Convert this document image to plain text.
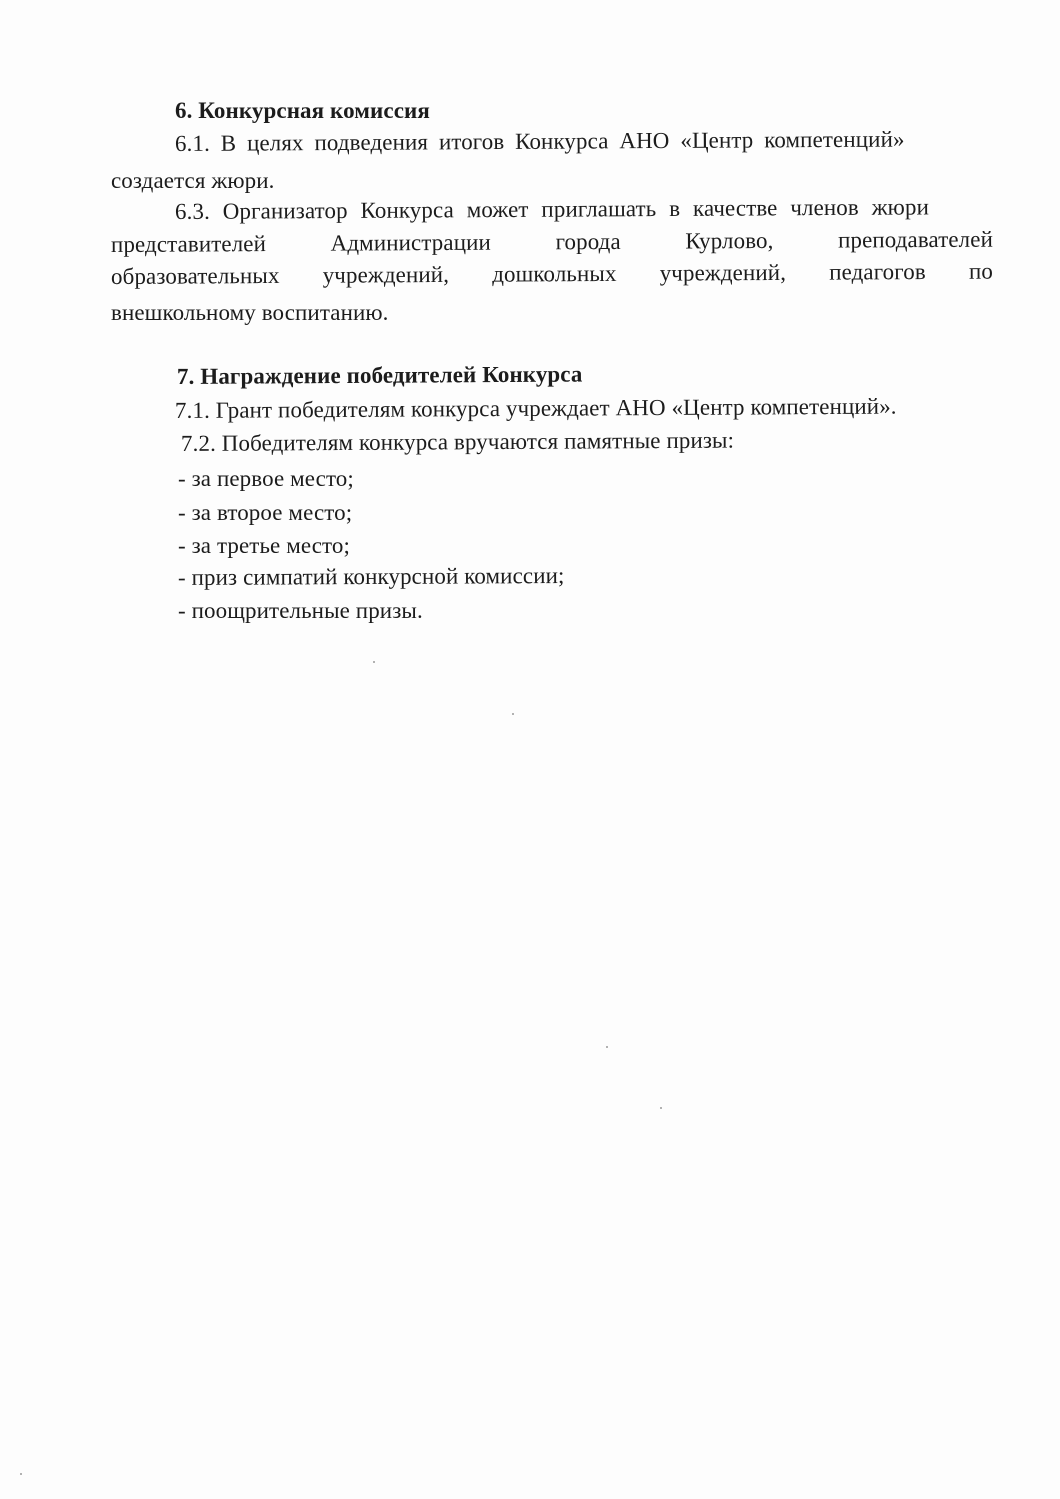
6. Конкурсная комиссия
6.1. В целях подведения итогов Конкурса АНО «Центр компетенций»
создается жюри.
6.3. Организатор Конкурса может приглашать в качестве членов жюри
представителей	Администрации	города	Курлово,	преподавателей
образовательных учреждений, дошкольных учреждений, педагогов по
внешкольному воспитанию.
7. Награждение победителей Конкурса
7.1. Грант победителям конкурса учреждает АНО «Центр компетенций».
7.2. Победителям конкурса вручаются памятные призы:
- за первое место;
- за второе место;
- за третье место;
- приз симпатий конкурсной комиссии;
- поощрительные призы.
